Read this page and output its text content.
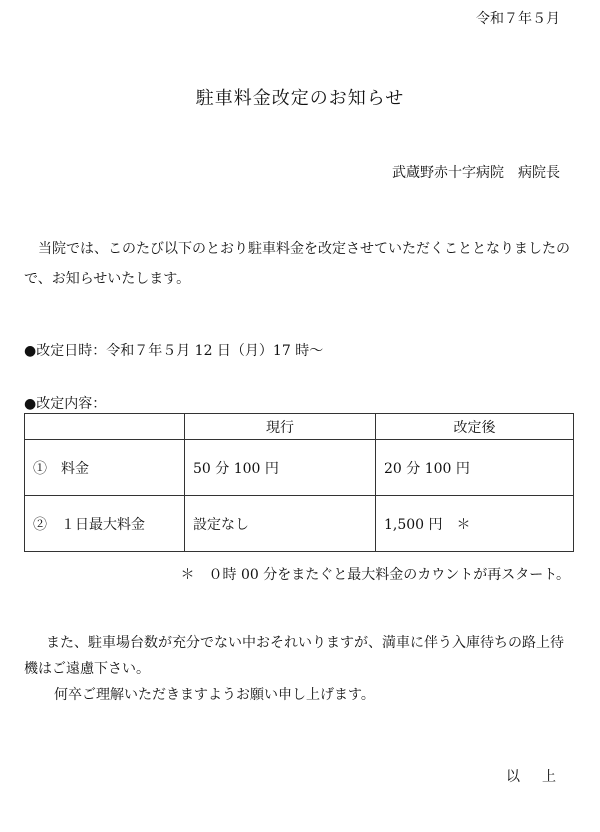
令和７年５月
駐車料金改定のお知らせ
武蔵野赤十字病院　病院長

当院では、このたび以下のとおり駐車料金を改定させていただくこととなりましたので、お知らせいたします。

●改定日時：令和７年５月 12 日（月）17 時〜
●改定内容：
	現行	改定後
①　料金	50 分 100 円	20 分 100 円
②　１日最大料金	設定なし	1,500 円　＊
＊　０時 00 分をまたぐと最大料金のカウントが再スタート。

また、駐車場台数が充分でない中おそれいりますが、満車に伴う入庫待ちの路上待機はご遠慮下さい。

何卒ご理解いただきますようお願い申し上げます。

以　上
